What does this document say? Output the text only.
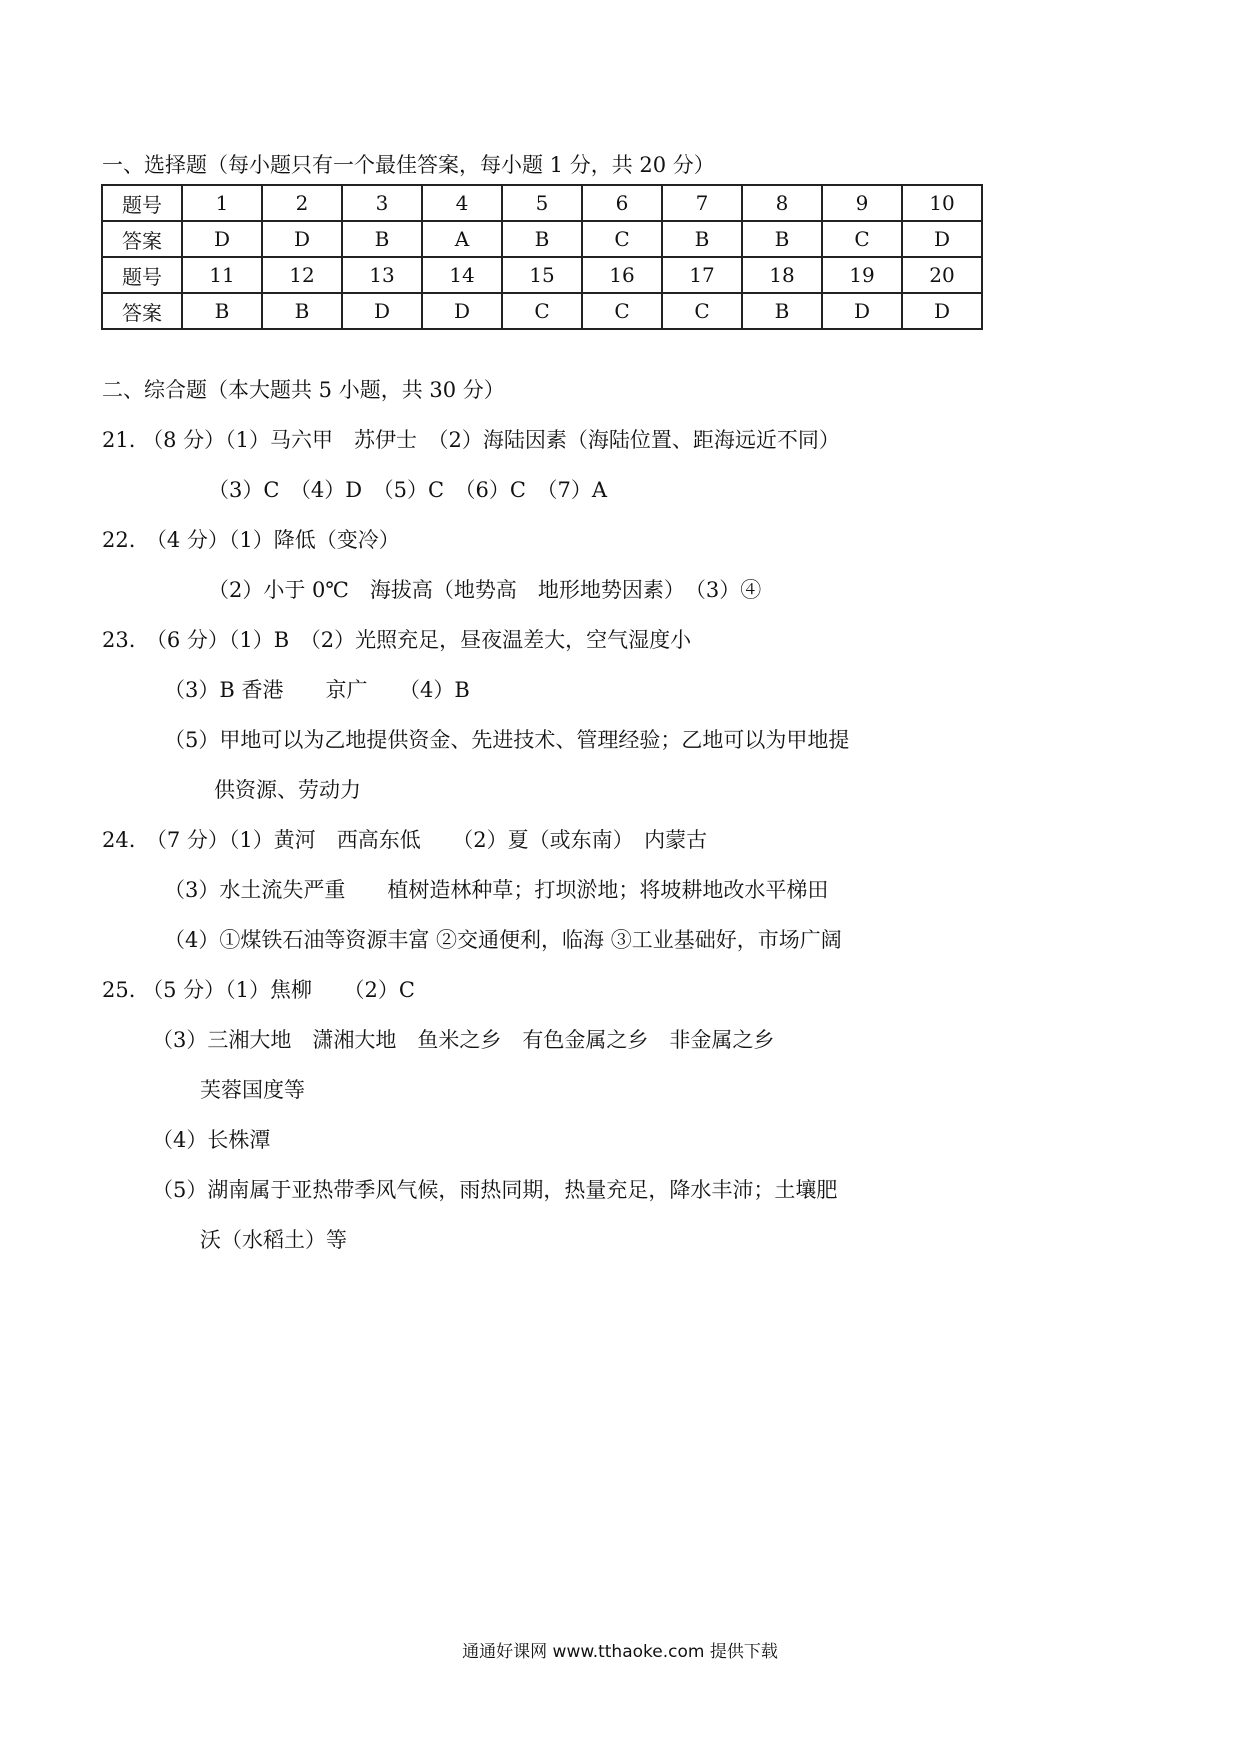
一、选择题（每小题只有一个最佳答案，每小题 1 分，共 20 分）
题号	1	2	3	4	5	6	7	8	9	10
答案	D	D	B	A	B	C	B	B	C	D
题号	11	12	13	14	15	16	17	18	19	20
答案	B	B	D	D	C	C	C	B	D	D
二、综合题（本大题共 5 小题，共 30 分）
21. （8 分）（1）马六甲　苏伊士　（2）海陆因素（海陆位置、距海远近不同）
（3）C　（4）D　（5）C　（6）C　（7）A
22.　（4 分）（1）降低（变冷）
（2）小于 0℃　海拔高（地势高　地形地势因素）　（3）④
23.　（6 分）（1）B　（2）光照充足，昼夜温差大，空气湿度小
（3）B 香港　　京广　　（4）B
（5）甲地可以为乙地提供资金、先进技术、管理经验；乙地可以为甲地提
供资源、劳动力
24.　（7 分）（1）黄河　西高东低　　（2）夏（或东南）　内蒙古
（3）水土流失严重　　植树造林种草；打坝淤地；将坡耕地改水平梯田
（4）①煤铁石油等资源丰富 ②交通便利，临海 ③工业基础好，市场广阔
25. （5 分）（1）焦柳　　（2）C
（3）三湘大地　潇湘大地　鱼米之乡　有色金属之乡　非金属之乡
芙蓉国度等
（4）长株潭
（5）湖南属于亚热带季风气候，雨热同期，热量充足，降水丰沛；土壤肥
沃（水稻土）等
通通好课网 www.tthaoke.com 提供下载
